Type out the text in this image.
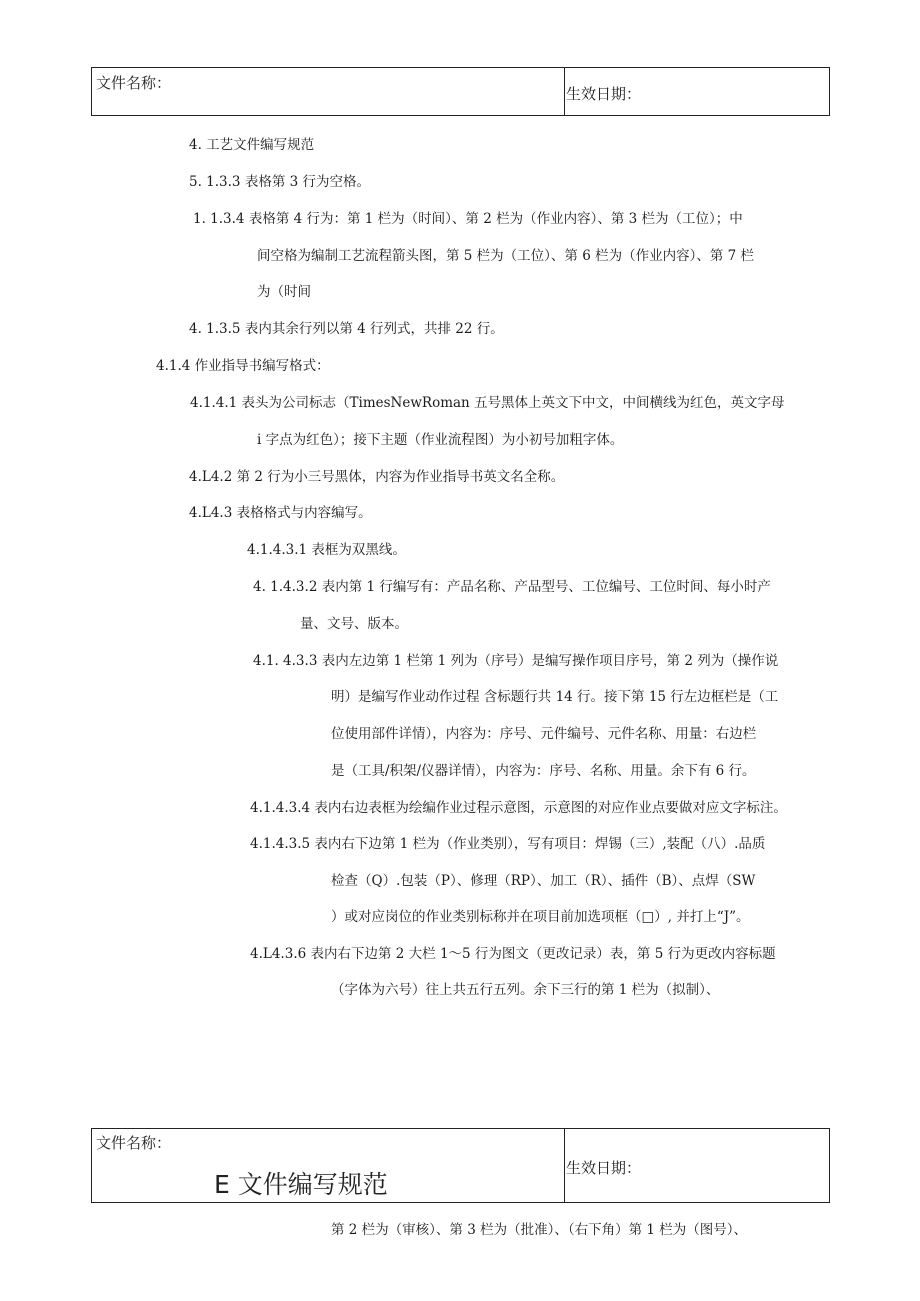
文件名称：
生效日期：
4. 工艺文件编写规范
5. 1.3.3 表格第 3 行为空格。
1. 1.3.4 表格第 4 行为：第 1 栏为（时间）、第 2 栏为（作业内容）、第 3 栏为（工位）；中
间空格为编制工艺流程箭头图，第 5 栏为（工位）、第 6 栏为（作业内容）、第 7 栏
为（时间
4. 1.3.5 表内其余行列以第 4 行列式，共排 22 行。
4.1.4 作业指导书编写格式：
4.1.4.1 表头为公司标志（TimesNewRoman 五号黑体上英文下中文，中间横线为红色，英文字母
i 字点为红色）；接下主题（作业流程图）为小初号加粗字体。
4.L4.2 第 2 行为小三号黑体，内容为作业指导书英文名全称。
4.L4.3 表格格式与内容编写。
4.1.4.3.1 表框为双黑线。
4. 1.4.3.2 表内第 1 行编写有：产品名称、产品型号、工位编号、工位时间、每小时产
量、文号、版本。
4.1. 4.3.3 表内左边第 1 栏第 1 列为（序号）是编写操作项目序号，第 2 列为（操作说
明）是编写作业动作过程 含标题行共 14 行。接下第 15 行左边框栏是（工
位使用部件详情），内容为：序号、元件编号、元件名称、用量：右边栏
是（工具/积架/仪器详情），内容为：序号、名称、用量。余下有 6 行。
4.1.4.3.4 表内右边表框为绘编作业过程示意图，示意图的对应作业点要做对应文字标注。
4.1.4.3.5 表内右下边第 1 栏为（作业类别），写有项目：焊锡（三）,装配（八）.品质
检查（Q）.包装（P）、修理（RP）、加工（R）、插件（B）、点焊（SW
）或对应岗位的作业类别标称并在项目前加选项框（□）, 并打上“J”。
4.L4.3.6 表内右下边第 2 大栏 1～5 行为图文（更改记录）表，第 5 行为更改内容标题
（字体为六号）往上共五行五列。余下三行的第 1 栏为（拟制）、
文件名称：
E 文件编写规范
生效日期：
第 2 栏为（审核）、第 3 栏为（批准）、（右下角）第 1 栏为（图号）、
